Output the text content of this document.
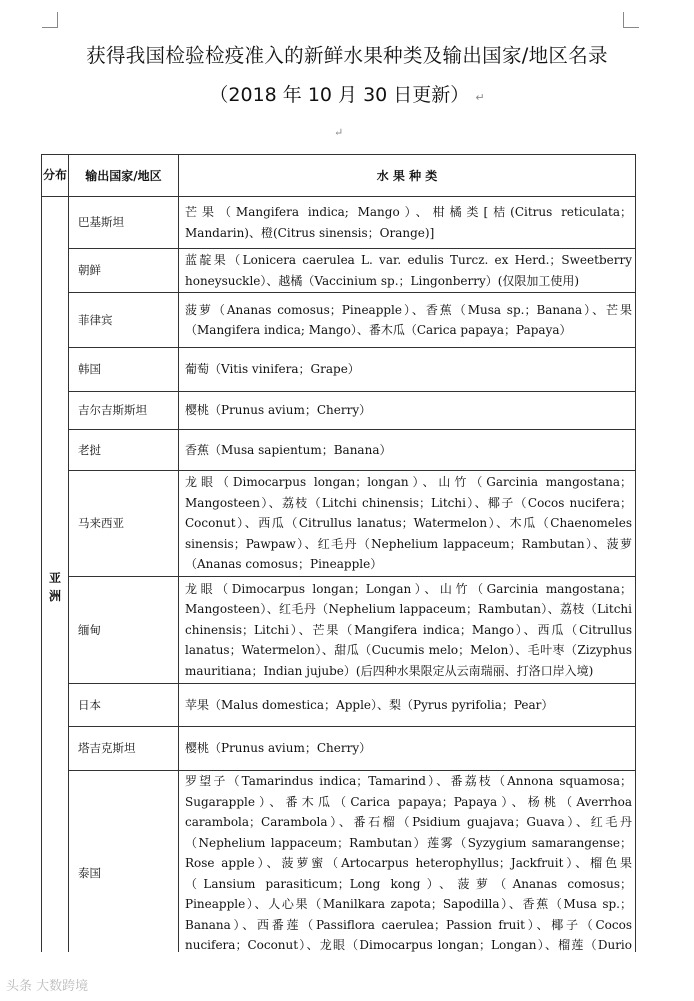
获得我国检验检疫准入的新鲜水果种类及输出国家/地区名录
（2018 年 10 月 30 日更新） ↵
↵
分布	输出国家/地区	水 果 种 类
亚洲	巴基斯坦	芒果（Mangifera indica; Mango）、柑橘类[桔(Citrus reticulata；Mandarin)、橙(Citrus sinensis；Orange)]
	朝鲜	蓝靛果（Lonicera caerulea L. var. edulis Turcz. ex Herd.；Sweetberry honeysuckle）、越橘（Vaccinium sp.；Lingonberry）(仅限加工使用)
	菲律宾	菠萝（Ananas comosus；Pineapple）、香蕉（Musa sp.；Banana）、芒果（Mangifera indica; Mango）、番木瓜（Carica papaya；Papaya）
	韩国	葡萄（Vitis vinifera；Grape）
	吉尔吉斯斯坦	樱桃（Prunus avium；Cherry）
	老挝	香蕉（Musa sapientum；Banana）
	马来西亚	龙眼（Dimocarpus longan；longan）、山竹（Garcinia mangostana；Mangosteen）、荔枝（Litchi chinensis；Litchi）、椰子（Cocos nucifera；Coconut）、西瓜（Citrullus lanatus；Watermelon）、木瓜（Chaenomeles sinensis；Pawpaw）、红毛丹（Nephelium lappaceum；Rambutan）、菠萝（Ananas comosus；Pineapple）
	缅甸	龙眼（Dimocarpus longan；Longan）、山竹（Garcinia mangostana；Mangosteen）、红毛丹（Nephelium lappaceum；Rambutan）、荔枝（Litchi chinensis；Litchi）、芒果（Mangifera indica；Mango）、西瓜（Citrullus lanatus；Watermelon）、甜瓜（Cucumis melo；Melon）、毛叶枣（Zizyphus mauritiana；Indian jujube）(后四种水果限定从云南瑞丽、打洛口岸入境)
	日本	苹果（Malus domestica；Apple）、梨（Pyrus pyrifolia；Pear）
	塔吉克斯坦	樱桃（Prunus avium；Cherry）
	泰国	罗望子（Tamarindus indica；Tamarind）、番荔枝（Annona squamosa；Sugarapple）、番木瓜（Carica papaya；Papaya）、杨桃（Averrhoa carambola；Carambola）、番石榴（Psidium guajava；Guava）、红毛丹（Nephelium lappaceum；Rambutan）莲雾（Syzygium samarangense；Rose apple）、菠萝蜜（Artocarpus heterophyllus；Jackfruit）、榴色果（Lansium parasiticum；Long kong）、菠萝（Ananas comosus；Pineapple）、人心果（Manilkara zapota；Sapodilla）、香蕉（Musa sp.；Banana）、西番莲（Passiflora caerulea；Passion fruit）、椰子（Cocos nucifera；Coconut）、龙眼（Dimocarpus longan；Longan）、榴莲（Durio
头条 大数跨境
